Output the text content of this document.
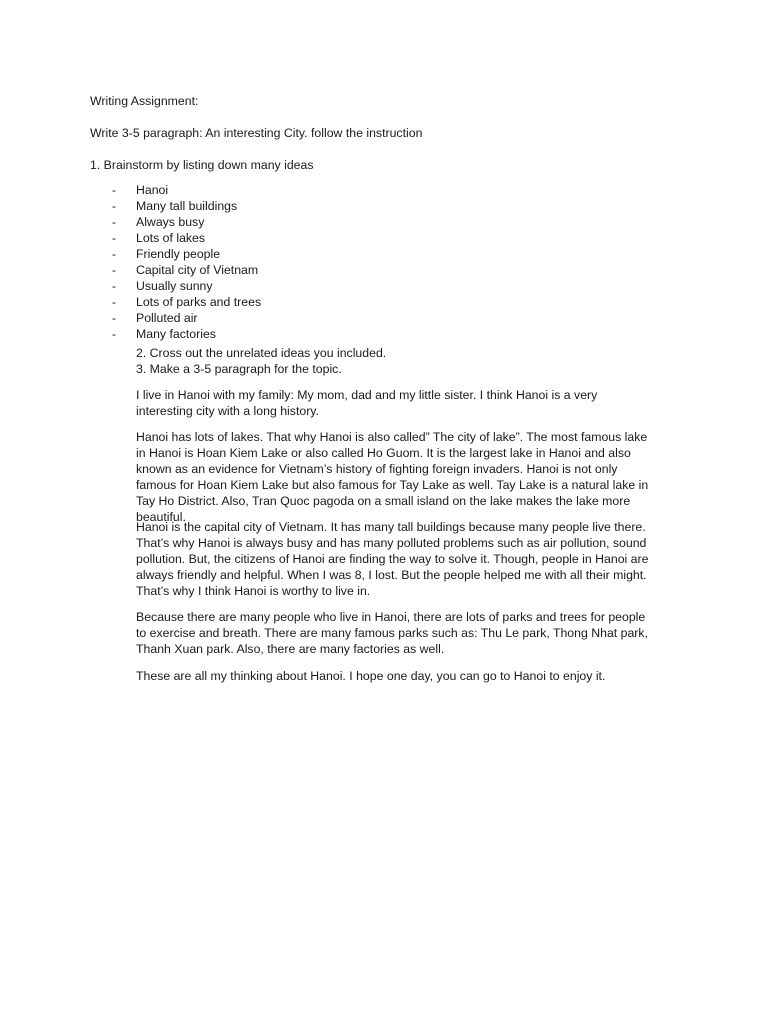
Writing Assignment:
Write 3-5 paragraph: An interesting City. follow the instruction
1. Brainstorm by listing down many ideas
- Hanoi
- Many tall buildings
- Always busy
- Lots of lakes
- Friendly people
- Capital city of Vietnam
- Usually sunny
- Lots of parks and trees
- Polluted air
- Many factories
2. Cross out the unrelated ideas you included.
3. Make a 3-5 paragraph for the topic.

I live in Hanoi with my family: My mom, dad and my little sister. I think Hanoi is a very interesting city with a long history.

Hanoi has lots of lakes. That why Hanoi is also called” The city of lake”. The most famous lake in Hanoi is Hoan Kiem Lake or also called Ho Guom. It is the largest lake in Hanoi and also known as an evidence for Vietnam’s history of fighting foreign invaders. Hanoi is not only famous for Hoan Kiem Lake but also famous for Tay Lake as well. Tay Lake is a natural lake in Tay Ho District. Also, Tran Quoc pagoda on a small island on the lake makes the lake more beautiful.

Hanoi is the capital city of Vietnam. It has many tall buildings because many people live there. That’s why Hanoi is always busy and has many polluted problems such as air pollution, sound pollution. But, the citizens of Hanoi are finding the way to solve it. Though, people in Hanoi are always friendly and helpful. When I was 8, I lost. But the people helped me with all their might. That’s why I think Hanoi is worthy to live in.

Because there are many people who live in Hanoi, there are lots of parks and trees for people to exercise and breath. There are many famous parks such as: Thu Le park, Thong Nhat park, Thanh Xuan park. Also, there are many factories as well.

These are all my thinking about Hanoi. I hope one day, you can go to Hanoi to enjoy it.
